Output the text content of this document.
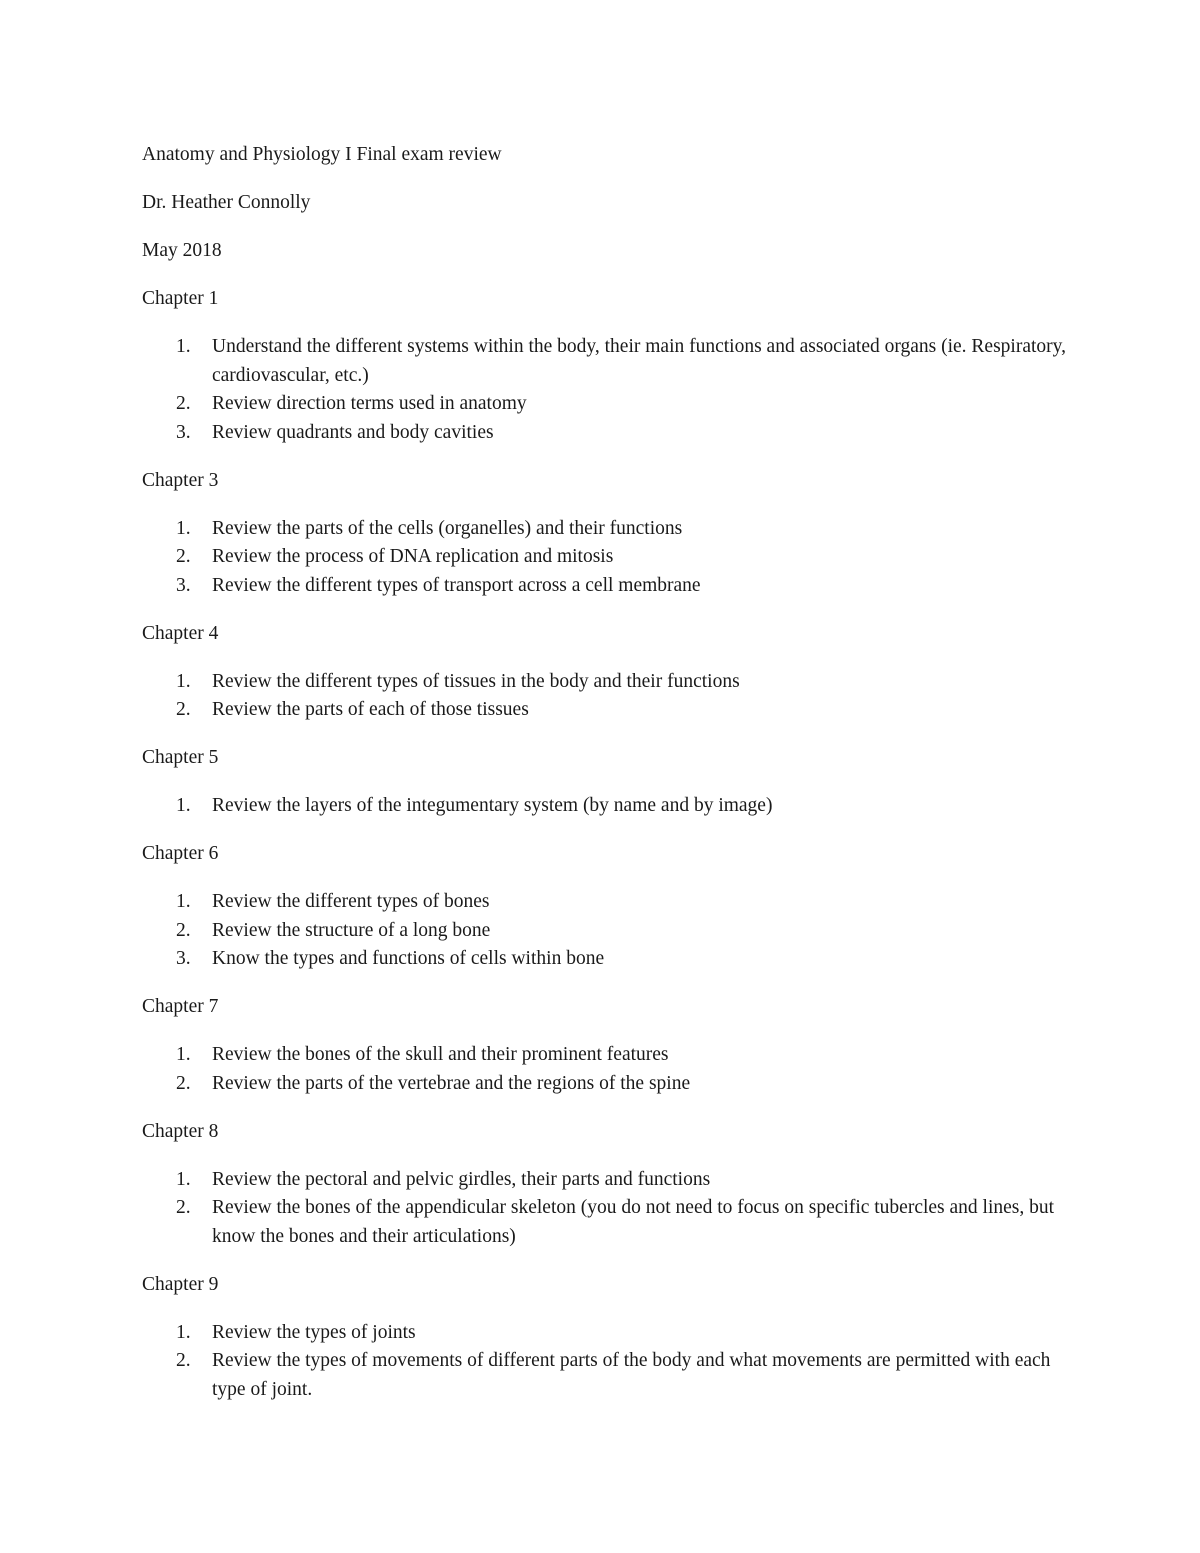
Anatomy and Physiology I Final exam review

Dr. Heather Connolly

May 2018

Chapter 1

1. Understand the different systems within the body, their main functions and associated organs (ie. Respiratory, cardiovascular, etc.)
2. Review direction terms used in anatomy
3. Review quadrants and body cavities

Chapter 3

1. Review the parts of the cells (organelles) and their functions
2. Review the process of DNA replication and mitosis
3. Review the different types of transport across a cell membrane

Chapter 4

1. Review the different types of tissues in the body and their functions
2. Review the parts of each of those tissues

Chapter 5

1. Review the layers of the integumentary system (by name and by image)

Chapter 6

1. Review the different types of bones
2. Review the structure of a long bone
3. Know the types and functions of cells within bone

Chapter 7

1. Review the bones of the skull and their prominent features
2. Review the parts of the vertebrae and the regions of the spine

Chapter 8

1. Review the pectoral and pelvic girdles, their parts and functions
2. Review the bones of the appendicular skeleton (you do not need to focus on specific tubercles and lines, but know the bones and their articulations)

Chapter 9

1. Review the types of joints
2. Review the types of movements of different parts of the body and what movements are permitted with each type of joint.
